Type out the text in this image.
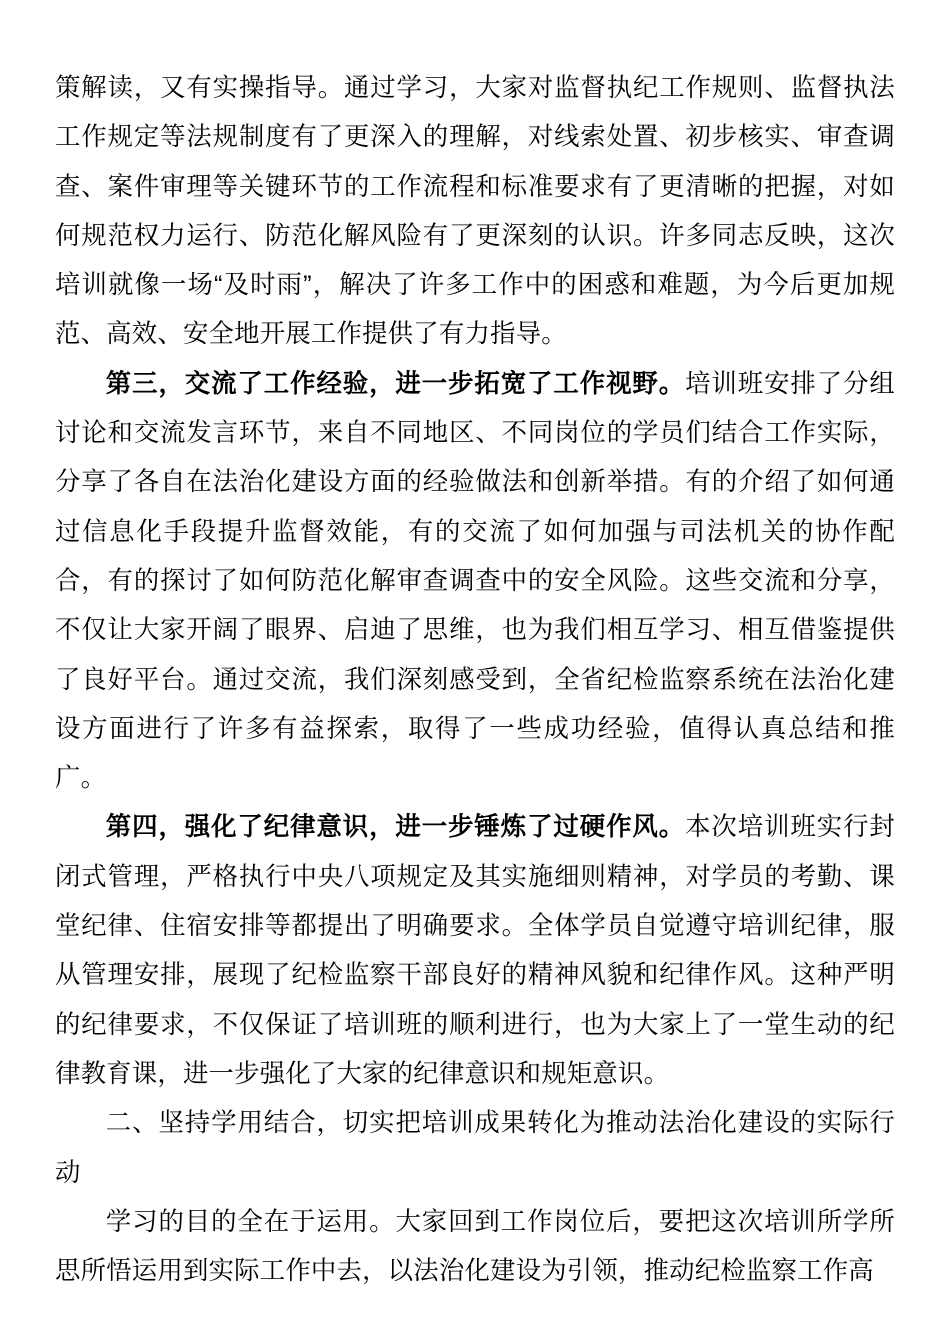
策解读，又有实操指导。通过学习，大家对监督执纪工作规则、监督执法工作规定等法规制度有了更深入的理解，对线索处置、初步核实、审查调查、案件审理等关键环节的工作流程和标准要求有了更清晰的把握，对如何规范权力运行、防范化解风险有了更深刻的认识。许多同志反映，这次培训就像一场“及时雨”，解决了许多工作中的困惑和难题，为今后更加规范、高效、安全地开展工作提供了有力指导。

第三，交流了工作经验，进一步拓宽了工作视野。培训班安排了分组讨论和交流发言环节，来自不同地区、不同岗位的学员们结合工作实际，分享了各自在法治化建设方面的经验做法和创新举措。有的介绍了如何通过信息化手段提升监督效能，有的交流了如何加强与司法机关的协作配合，有的探讨了如何防范化解审查调查中的安全风险。这些交流和分享，不仅让大家开阔了眼界、启迪了思维，也为我们相互学习、相互借鉴提供了良好平台。通过交流，我们深刻感受到，全省纪检监察系统在法治化建设方面进行了许多有益探索，取得了一些成功经验，值得认真总结和推广。

第四，强化了纪律意识，进一步锤炼了过硬作风。本次培训班实行封闭式管理，严格执行中央八项规定及其实施细则精神，对学员的考勤、课堂纪律、住宿安排等都提出了明确要求。全体学员自觉遵守培训纪律，服从管理安排，展现了纪检监察干部良好的精神风貌和纪律作风。这种严明的纪律要求，不仅保证了培训班的顺利进行，也为大家上了一堂生动的纪律教育课，进一步强化了大家的纪律意识和规矩意识。

二、坚持学用结合，切实把培训成果转化为推动法治化建设的实际行动

学习的目的全在于运用。大家回到工作岗位后，要把这次培训所学所思所悟运用到实际工作中去，以法治化建设为引领，推动纪检监察工作高
